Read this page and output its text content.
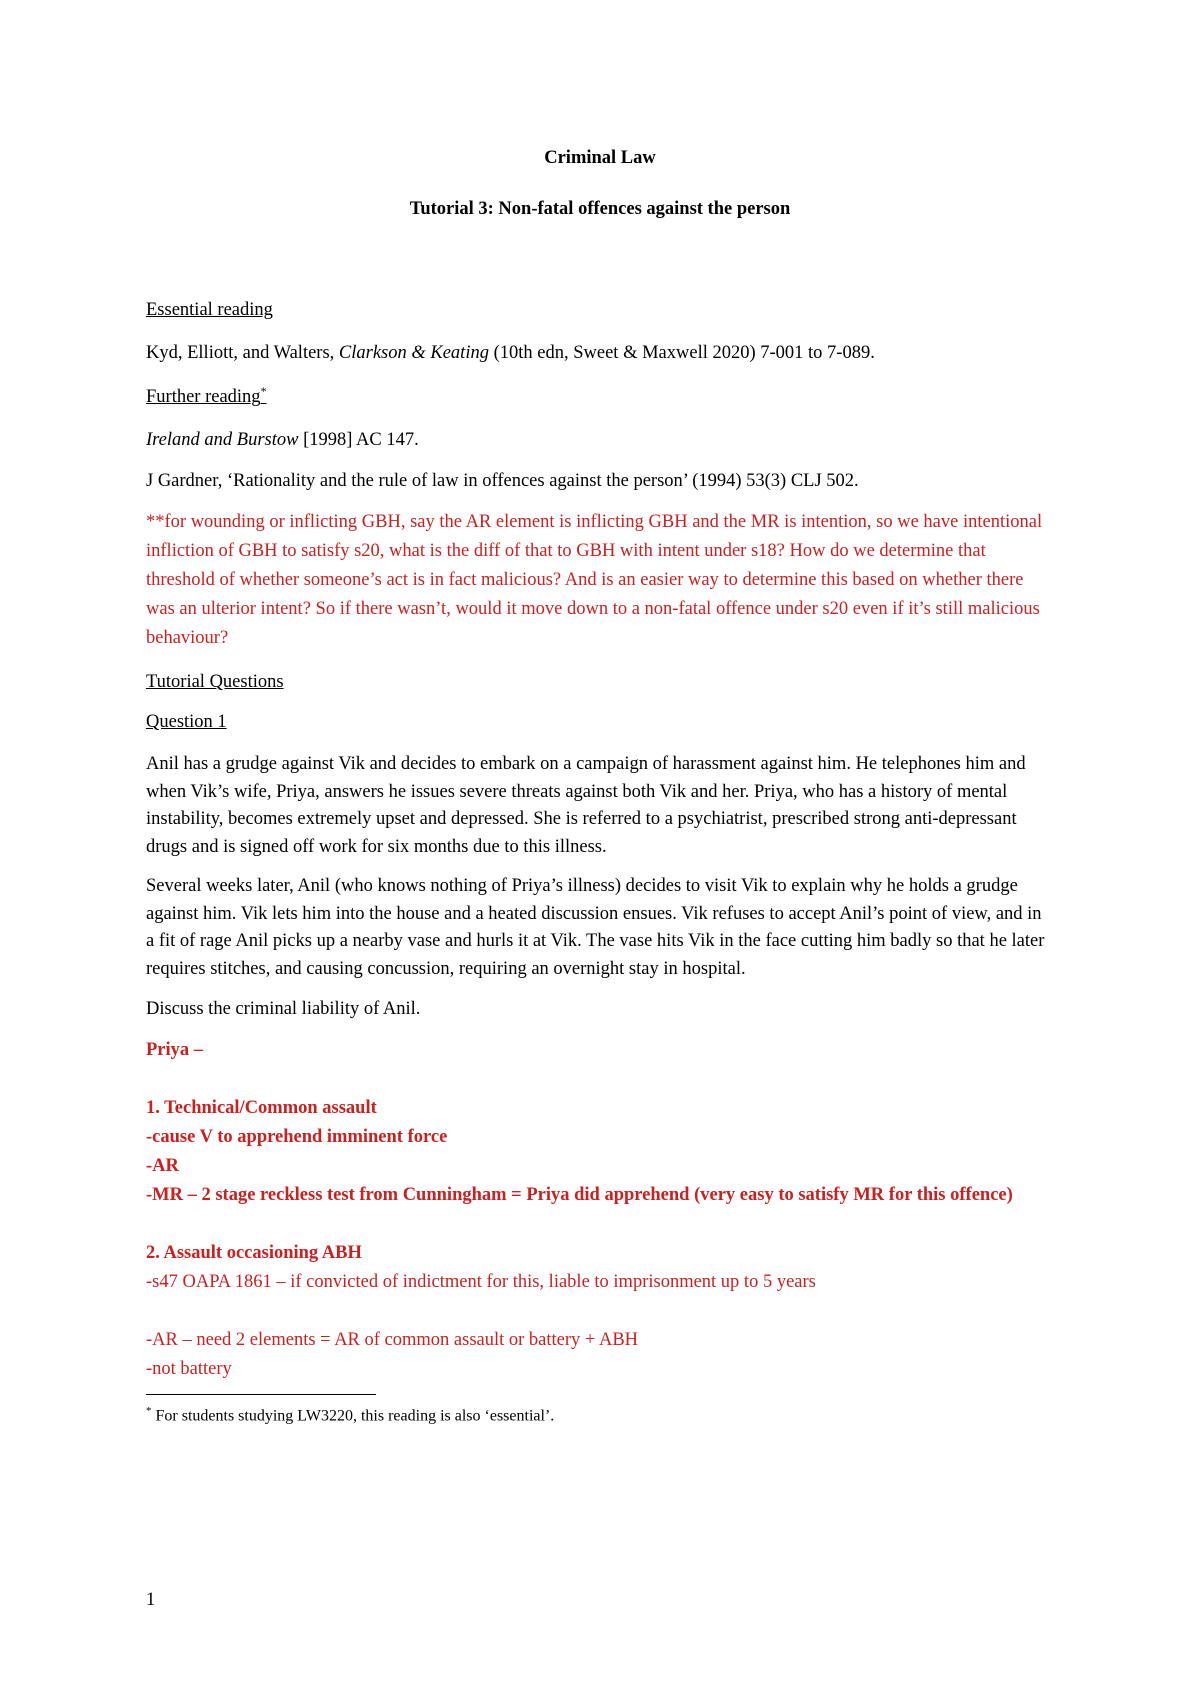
Criminal Law

Tutorial 3: Non-fatal offences against the person

Essential reading

Kyd, Elliott, and Walters, Clarkson & Keating (10th edn, Sweet & Maxwell 2020) 7-001 to 7-089.

Further reading*

Ireland and Burstow [1998] AC 147.

J Gardner, ‘Rationality and the rule of law in offences against the person’ (1994) 53(3) CLJ 502.

**for wounding or inflicting GBH, say the AR element is inflicting GBH and the MR is intention, so we have intentional infliction of GBH to satisfy s20, what is the diff of that to GBH with intent under s18? How do we determine that threshold of whether someone’s act is in fact malicious? And is an easier way to determine this based on whether there was an ulterior intent? So if there wasn’t, would it move down to a non-fatal offence under s20 even if it’s still malicious behaviour?

Tutorial Questions

Question 1

Anil has a grudge against Vik and decides to embark on a campaign of harassment against him. He telephones him and when Vik’s wife, Priya, answers he issues severe threats against both Vik and her. Priya, who has a history of mental instability, becomes extremely upset and depressed. She is referred to a psychiatrist, prescribed strong anti-depressant drugs and is signed off work for six months due to this illness.

Several weeks later, Anil (who knows nothing of Priya’s illness) decides to visit Vik to explain why he holds a grudge against him. Vik lets him into the house and a heated discussion ensues. Vik refuses to accept Anil’s point of view, and in a fit of rage Anil picks up a nearby vase and hurls it at Vik. The vase hits Vik in the face cutting him badly so that he later requires stitches, and causing concussion, requiring an overnight stay in hospital.

Discuss the criminal liability of Anil.

Priya –

1. Technical/Common assault

-cause V to apprehend imminent force

-AR

-MR – 2 stage reckless test from Cunningham = Priya did apprehend (very easy to satisfy MR for this offence)

2. Assault occasioning ABH

-s47 OAPA 1861 – if convicted of indictment for this, liable to imprisonment up to 5 years

-AR – need 2 elements = AR of common assault or battery + ABH

-not battery

* For students studying LW3220, this reading is also ‘essential’.

1
